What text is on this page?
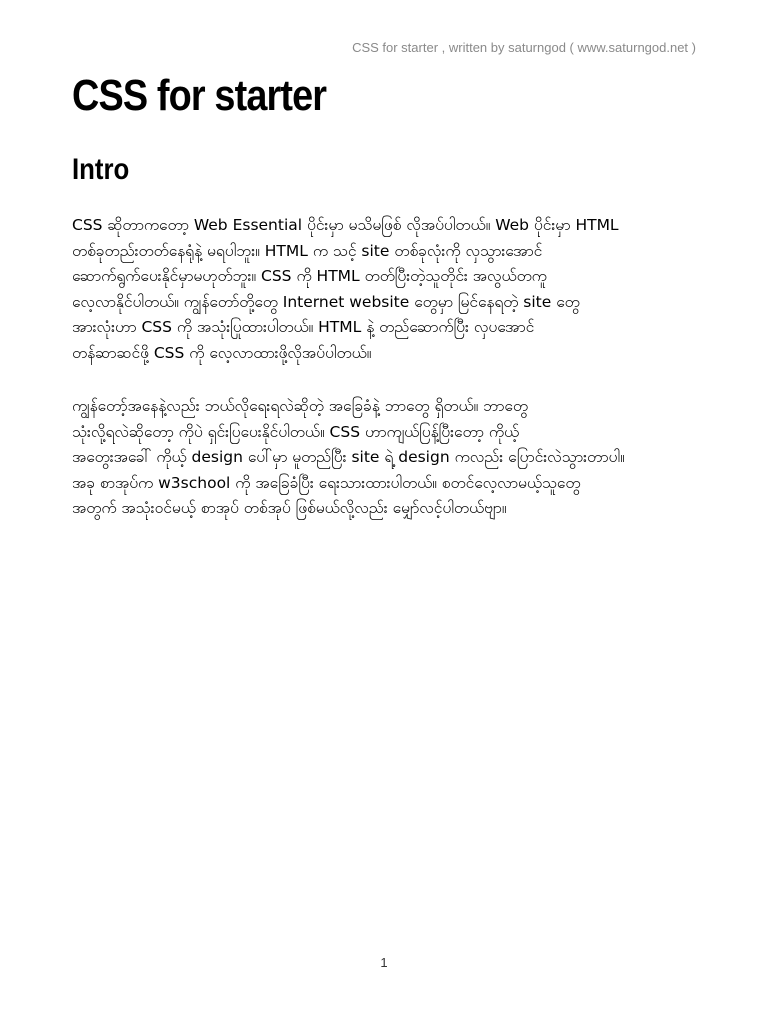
CSS for starter , written by saturngod ( www.saturngod.net )
CSS for starter
Intro
CSS ဆိုတာကတော့ Web Essential ပိုင်းမှာ မသိမဖြစ် လိုအပ်ပါတယ်။ Web ပိုင်းမှာ HTML
တစ်ခုတည်းတတ်နေရုံနဲ့ မရပါဘူး။ HTML က သင့် site တစ်ခုလုံးကို လှသွားအောင်
ဆောက်ရွက်ပေးနိုင်မှာမဟုတ်ဘူး။ CSS ကို HTML တတ်ပြီးတဲ့သူတိုင်း အလွယ်တကူ
လေ့လာနိုင်ပါတယ်။ ကျွန်တော်တို့တွေ Internet website တွေမှာ မြင်နေရတဲ့ site တွေ
အားလုံးဟာ CSS ကို အသုံးပြုထားပါတယ်။ HTML နဲ့ တည်ဆောက်ပြီး လှပအောင်
တန်ဆာဆင်ဖို့ CSS ကို လေ့လာထားဖို့လိုအပ်ပါတယ်။
ကျွန်တော့်အနေနဲ့လည်း ဘယ်လိုရေးရလဲဆိုတဲ့ အခြေခံနဲ့ ဘာတွေ ရှိတယ်။ ဘာတွေ
သုံးလို့ရလဲဆိုတော့ ကိုပဲ ရှင်းပြပေးနိုင်ပါတယ်။ CSS ဟာကျယ်ပြန့်ပြီးတော့ ကိုယ့်
အတွေးအခေါ် ကိုယ့် design ပေါ်မှာ မူတည်ပြီး site ရဲ့ design ကလည်း ပြောင်းလဲသွားတာပါ။
အခု စာအုပ်က w3school ကို အခြေခံပြီး ရေးသားထားပါတယ်။ စတင်လေ့လာမယ့်သူတွေ
အတွက် အသုံးဝင်မယ့် စာအုပ် တစ်အုပ် ဖြစ်မယ်လို့လည်း မျှော်လင့်ပါတယ်ဗျာ။
1
